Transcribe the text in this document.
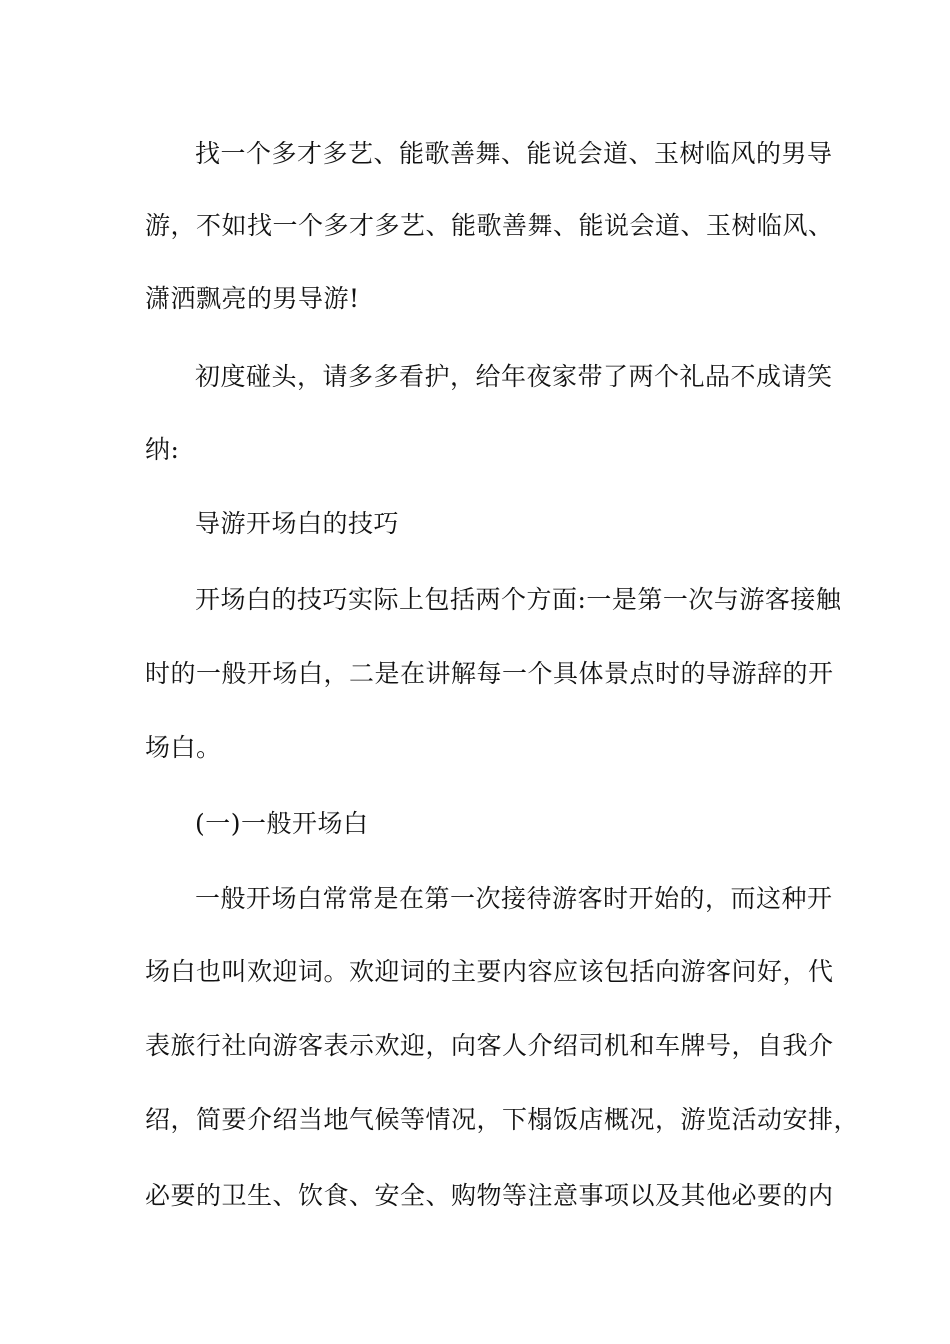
找一个多才多艺、能歌善舞、能说会道、玉树临风的男导
游，不如找一个多才多艺、能歌善舞、能说会道、玉树临风、
潇洒飘亮的男导游!
初度碰头，请多多看护，给年夜家带了两个礼品不成请笑
纳:
导游开场白的技巧
开场白的技巧实际上包括两个方面:一是第一次与游客接触
时的一般开场白，二是在讲解每一个具体景点时的导游辞的开
场白。
(一)一般开场白
一般开场白常常是在第一次接待游客时开始的，而这种开
场白也叫欢迎词。欢迎词的主要内容应该包括向游客问好，代
表旅行社向游客表示欢迎，向客人介绍司机和车牌号，自我介
绍，简要介绍当地气候等情况，下榻饭店概况，游览活动安排，
必要的卫生、饮食、安全、购物等注意事项以及其他必要的内
